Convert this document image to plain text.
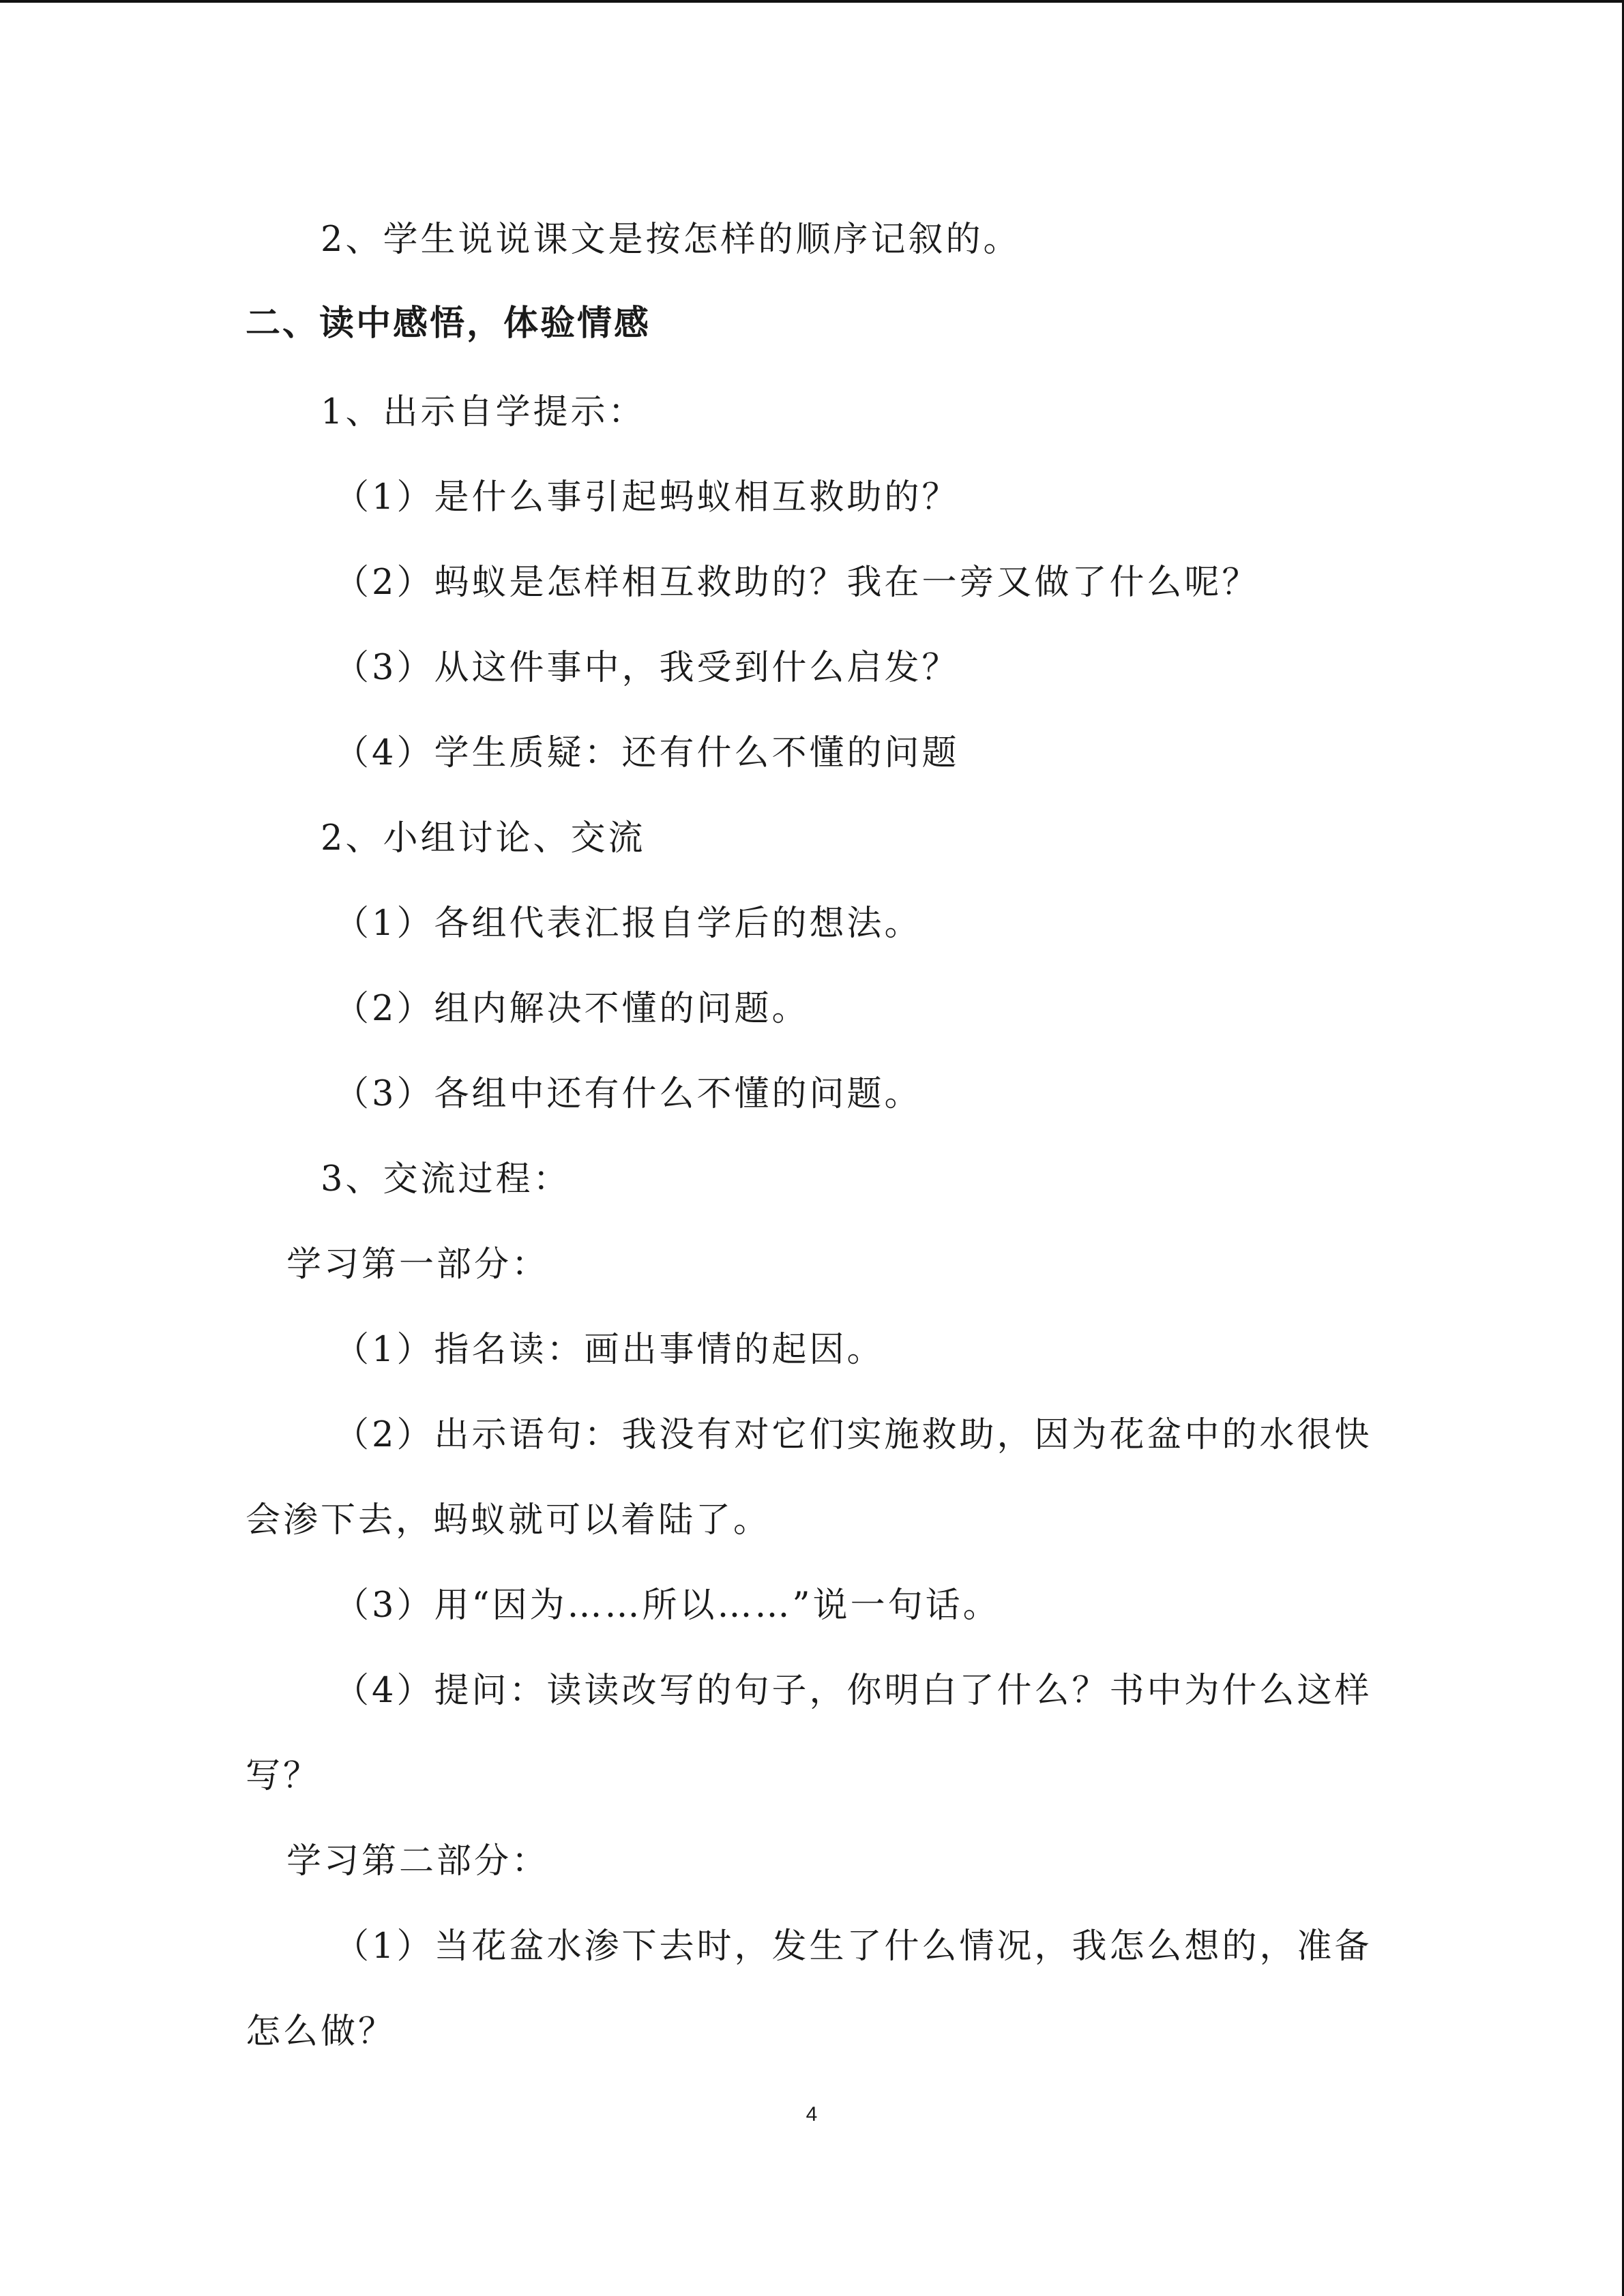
2、学生说说课文是按怎样的顺序记叙的。
二、读中感悟，体验情感
1、出示自学提示：
（1）是什么事引起蚂蚁相互救助的？
（2）蚂蚁是怎样相互救助的？我在一旁又做了什么呢？
（3）从这件事中，我受到什么启发？
（4）学生质疑：还有什么不懂的问题
2、小组讨论、交流
（1）各组代表汇报自学后的想法。
（2）组内解决不懂的问题。
（3）各组中还有什么不懂的问题。
3、交流过程：
学习第一部分：
（1）指名读：画出事情的起因。
（2）出示语句：我没有对它们实施救助，因为花盆中的水很快
会渗下去，蚂蚁就可以着陆了。
（3）用“因为……所以……”说一句话。
（4）提问：读读改写的句子，你明白了什么？书中为什么这样
写？
学习第二部分：
（1）当花盆水渗下去时，发生了什么情况，我怎么想的，准备
怎么做？
4
